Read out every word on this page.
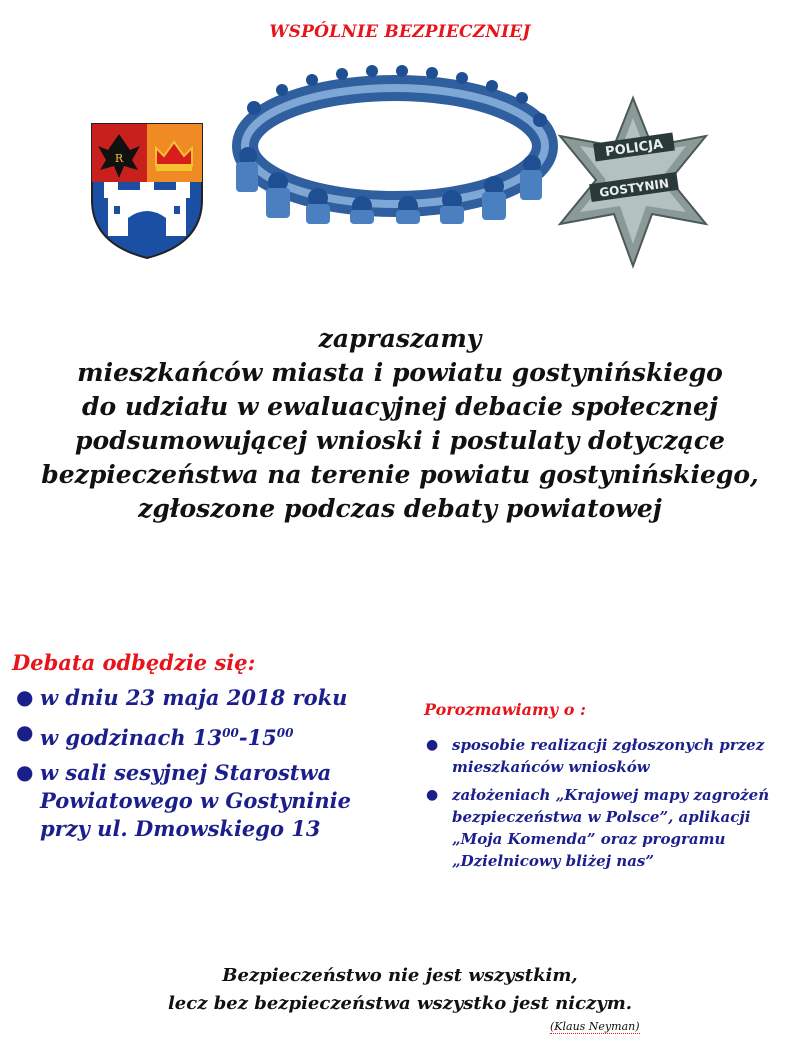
WSPÓLNIE BEZPIECZNIEJ
R	POLICJA
GOSTYNIN
zapraszamy
mieszkańców miasta i powiatu gostynińskiego
do udziału w ewaluacyjnej debacie społecznej
podsumowującej wnioski i postulaty dotyczące
bezpieczeństwa na terenie powiatu gostynińskiego,
zgłoszone podczas debaty powiatowej
Debata odbędzie się:
● w dniu 23 maja 2018 roku
● w godzinach $13^{00}-15^{00}$
● w sali sesyjnej Starostwa Powiatowego w Gostyninie przy ul. Dmowskiego 13
Porozmawiamy o :
● sposobie realizacji zgłoszonych przez mieszkańców wniosków
● założeniach „Krajowej mapy zagrożeń bezpieczeństwa w Polsce”, aplikacji „Moja Komenda” oraz programu „Dzielnicowy bliżej nas”
Bezpieczeństwo nie jest wszystkim,
lecz bez bezpieczeństwa wszystko jest niczym.
(Klaus Neyman)
